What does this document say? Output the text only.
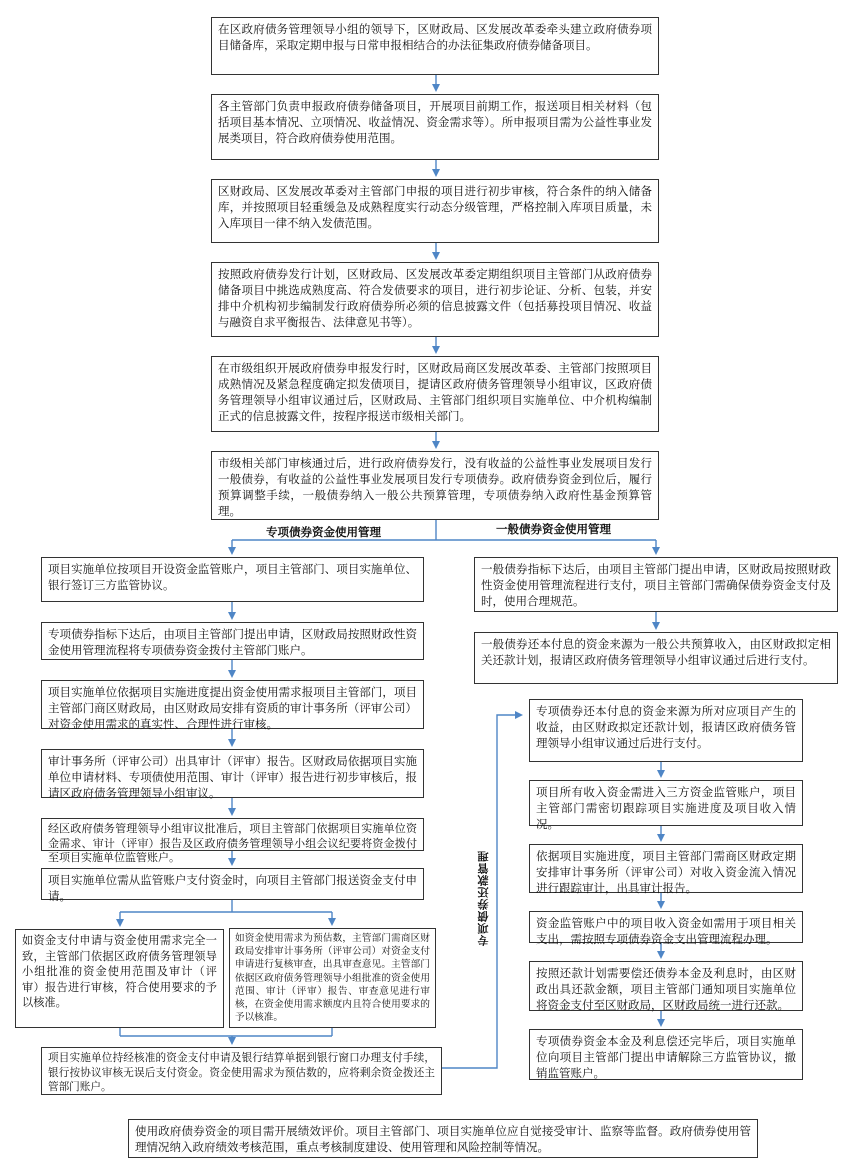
在区政府债务管理领导小组的领导下，区财政局、区发展改革委牵头建立政府债券项目储备库，采取定期申报与日常申报相结合的办法征集政府债券储备项目。
各主管部门负责申报政府债券储备项目，开展项目前期工作，报送项目相关材料（包括项目基本情况、立项情况、收益情况、资金需求等）。所申报项目需为公益性事业发展类项目，符合政府债券使用范围。
区财政局、区发展改革委对主管部门申报的项目进行初步审核，符合条件的纳入储备库，并按照项目轻重缓急及成熟程度实行动态分级管理，严格控制入库项目质量，未入库项目一律不纳入发债范围。
按照政府债券发行计划，区财政局、区发展改革委定期组织项目主管部门从政府债券储备项目中挑选成熟度高、符合发债要求的项目，进行初步论证、分析、包装，并安排中介机构初步编制发行政府债券所必须的信息披露文件（包括募投项目情况、收益与融资自求平衡报告、法律意见书等）。
在市级组织开展政府债券申报发行时，区财政局商区发展改革委、主管部门按照项目成熟情况及紧急程度确定拟发债项目，提请区政府债务管理领导小组审议，区政府债务管理领导小组审议通过后，区财政局、主管部门组织项目实施单位、中介机构编制正式的信息披露文件，按程序报送市级相关部门。
市级相关部门审核通过后，进行政府债券发行，没有收益的公益性事业发展项目发行一般债券，有收益的公益性事业发展项目发行专项债券。政府债券资金到位后，履行预算调整手续，一般债券纳入一般公共预算管理，专项债券纳入政府性基金预算管理。
专项债券资金使用管理	一般债券资金使用管理
项目实施单位按项目开设资金监管账户，项目主管部门、项目实施单位、银行签订三方监管协议。
专项债券指标下达后，由项目主管部门提出申请，区财政局按照财政性资金使用管理流程将专项债券资金拨付主管部门账户。
项目实施单位依据项目实施进度提出资金使用需求报项目主管部门，项目主管部门商区财政局，由区财政局安排有资质的审计事务所（评审公司）对资金使用需求的真实性、合理性进行审核。
审计事务所（评审公司）出具审计（评审）报告。区财政局依据项目实施单位申请材料、专项债使用范围、审计（评审）报告进行初步审核后，报请区政府债务管理领导小组审议。
经区政府债务管理领导小组审议批准后，项目主管部门依据项目实施单位资金需求、审计（评审）报告及区政府债务管理领导小组会议纪要将资金拨付至项目实施单位监管账户。
项目实施单位需从监管账户支付资金时，向项目主管部门报送资金支付申请。
如资金支付申请与资金使用需求完全一致，主管部门依据区政府债务管理领导小组批准的资金使用范围及审计（评审）报告进行审核，符合使用要求的予以核准。
如资金使用需求为预估数，主管部门需商区财政局安排审计事务所（评审公司）对资金支付申请进行复核审查，出具审查意见。主管部门依据区政府债务管理领导小组批准的资金使用范围、审计（评审）报告、审查意见进行审核，在资金使用需求额度内且符合使用要求的予以核准。
项目实施单位持经核准的资金支付申请及银行结算单据到银行窗口办理支付手续，银行按协议审核无误后支付资金。资金使用需求为预估数的，应将剩余资金拨还主管部门账户。
专项债券还款管理
一般债券指标下达后，由项目主管部门提出申请，区财政局按照财政性资金使用管理流程进行支付，项目主管部门需确保债券资金支付及时，使用合理规范。
一般债券还本付息的资金来源为一般公共预算收入，由区财政拟定相关还款计划，报请区政府债务管理领导小组审议通过后进行支付。
专项债券还本付息的资金来源为所对应项目产生的收益，由区财政拟定还款计划，报请区政府债务管理领导小组审议通过后进行支付。
项目所有收入资金需进入三方资金监管账户，项目主管部门需密切跟踪项目实施进度及项目收入情况。
依据项目实施进度，项目主管部门需商区财政定期安排审计事务所（评审公司）对收入资金流入情况进行跟踪审计，出具审计报告。
资金监管账户中的项目收入资金如需用于项目相关支出，需按照专项债券资金支出管理流程办理。
按照还款计划需要偿还债券本金及利息时，由区财政出具还款金额，项目主管部门通知项目实施单位将资金支付至区财政局，区财政局统一进行还款。
专项债券资金本金及利息偿还完毕后，项目实施单位向项目主管部门提出申请解除三方监管协议，撤销监管账户。
使用政府债券资金的项目需开展绩效评价。项目主管部门、项目实施单位应自觉接受审计、监察等监督。政府债券使用管理情况纳入政府绩效考核范围，重点考核制度建设、使用管理和风险控制等情况。
